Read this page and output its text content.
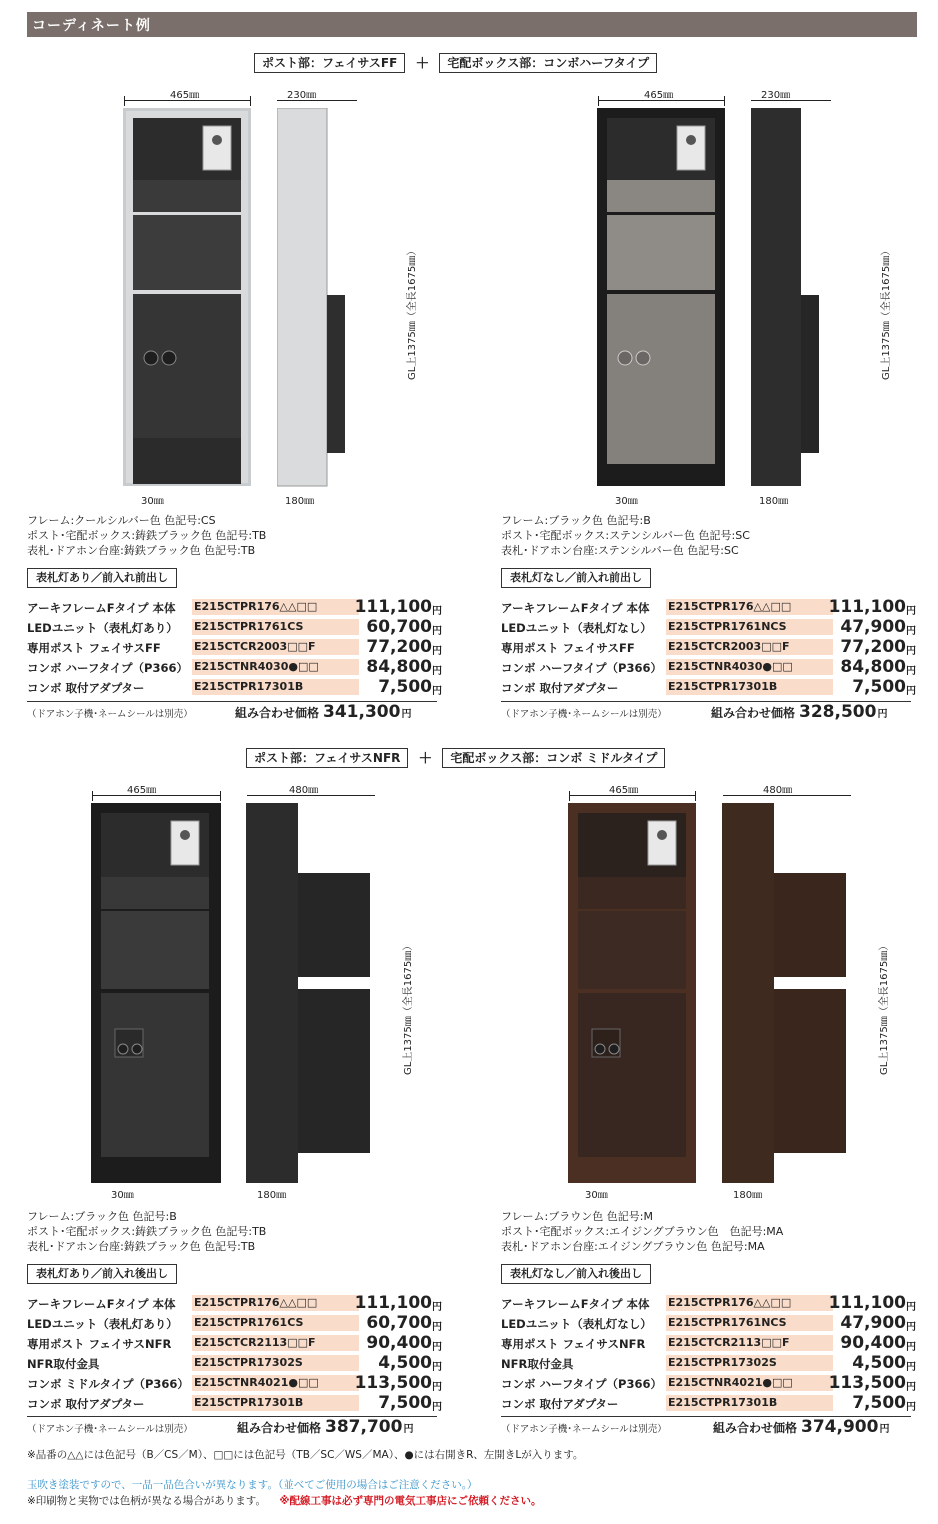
コーディネート例
ポスト部：フェイサスFF	＋	宅配ボックス部：コンボハーフタイプ
ポスト部：フェイサスNFR	＋	宅配ボックス部：コンボ ミドルタイプ
465㎜
30㎜
230㎜
GL上1375㎜（全長1675㎜）
180㎜
フレーム:クールシルバー色 色記号:CS
ポスト･宅配ボックス:鋳鉄ブラック色 色記号:TB
表札･ドアホン台座:鋳鉄ブラック色 色記号:TB
表札灯あり／前入れ前出し
アーキフレームFタイプ 本体 E215CTPR176△△□□	111,100 円
LEDユニット（表札灯あり） E215CTPR1761CS	60,700 円
専用ポスト フェイサスFF	E215CTCR2003□□F	77,200 円
コンボ ハーフタイプ（P366） E215CTNR4030●□□	84,800 円
コンボ 取付アダプター	E215CTPR17301B	7,500 円
（ドアホン子機･ネームシールは別売）	組み合わせ価格 341,300 円
465㎜
30㎜
230㎜
GL上1375㎜（全長1675㎜）
180㎜
フレーム:ブラック色 色記号:B
ポスト･宅配ボックス:ステンシルバー色 色記号:SC
表札･ドアホン台座:ステンシルバー色 色記号:SC
表札灯なし／前入れ前出し
アーキフレームFタイプ 本体 E215CTPR176△△□□	111,100 円
LEDユニット（表札灯なし） E215CTPR1761NCS	47,900 円
専用ポスト フェイサスFF	E215CTCR2003□□F	77,200 円
コンボ ハーフタイプ（P366） E215CTNR4030●□□	84,800 円
コンボ 取付アダプター	E215CTPR17301B	7,500 円
（ドアホン子機･ネームシールは別売）	組み合わせ価格 328,500 円
465㎜
30㎜
480㎜
GL上1375㎜（全長1675㎜）
180㎜
フレーム:ブラック色 色記号:B
ポスト･宅配ボックス:鋳鉄ブラック色 色記号:TB
表札･ドアホン台座:鋳鉄ブラック色 色記号:TB
表札灯あり／前入れ後出し
アーキフレームFタイプ 本体 E215CTPR176△△□□	111,100 円
LEDユニット（表札灯あり） E215CTPR1761CS	60,700 円
専用ポスト フェイサスNFR E215CTCR2113□□F	90,400 円
NFR取付金具	E215CTPR17302S	4,500 円
コンボ ミドルタイプ（P366） E215CTNR4021●□□	113,500 円
コンボ 取付アダプター	E215CTPR17301B	7,500 円
（ドアホン子機･ネームシールは別売）	組み合わせ価格 387,700 円
465㎜
30㎜
480㎜
GL上1375㎜（全長1675㎜）
180㎜
フレーム:ブラウン色 色記号:M
ポスト･宅配ボックス:エイジングブラウン色　色記号:MA
表札･ドアホン台座:エイジングブラウン色 色記号:MA
表札灯なし／前入れ後出し
アーキフレームFタイプ 本体 E215CTPR176△△□□	111,100 円
LEDユニット（表札灯なし） E215CTPR1761NCS	47,900 円
専用ポスト フェイサスNFR E215CTCR2113□□F	90,400 円
NFR取付金具	E215CTPR17302S	4,500 円
コンボ ハーフタイプ（P366） E215CTNR4021●□□	113,500 円
コンボ 取付アダプター	E215CTPR17301B	7,500 円
（ドアホン子機･ネームシールは別売）	組み合わせ価格 374,900 円
※品番の△△には色記号（B／CS／M）、□□には色記号（TB／SC／WS／MA）、●には右開きR、左開きLが入ります。
玉吹き塗装ですので、一品一品色合いが異なります。（並べてご使用の場合はご注意ください。）
※印刷物と実物では色柄が異なる場合があります。 ※配線工事は必ず専門の電気工事店にご依頼ください。
